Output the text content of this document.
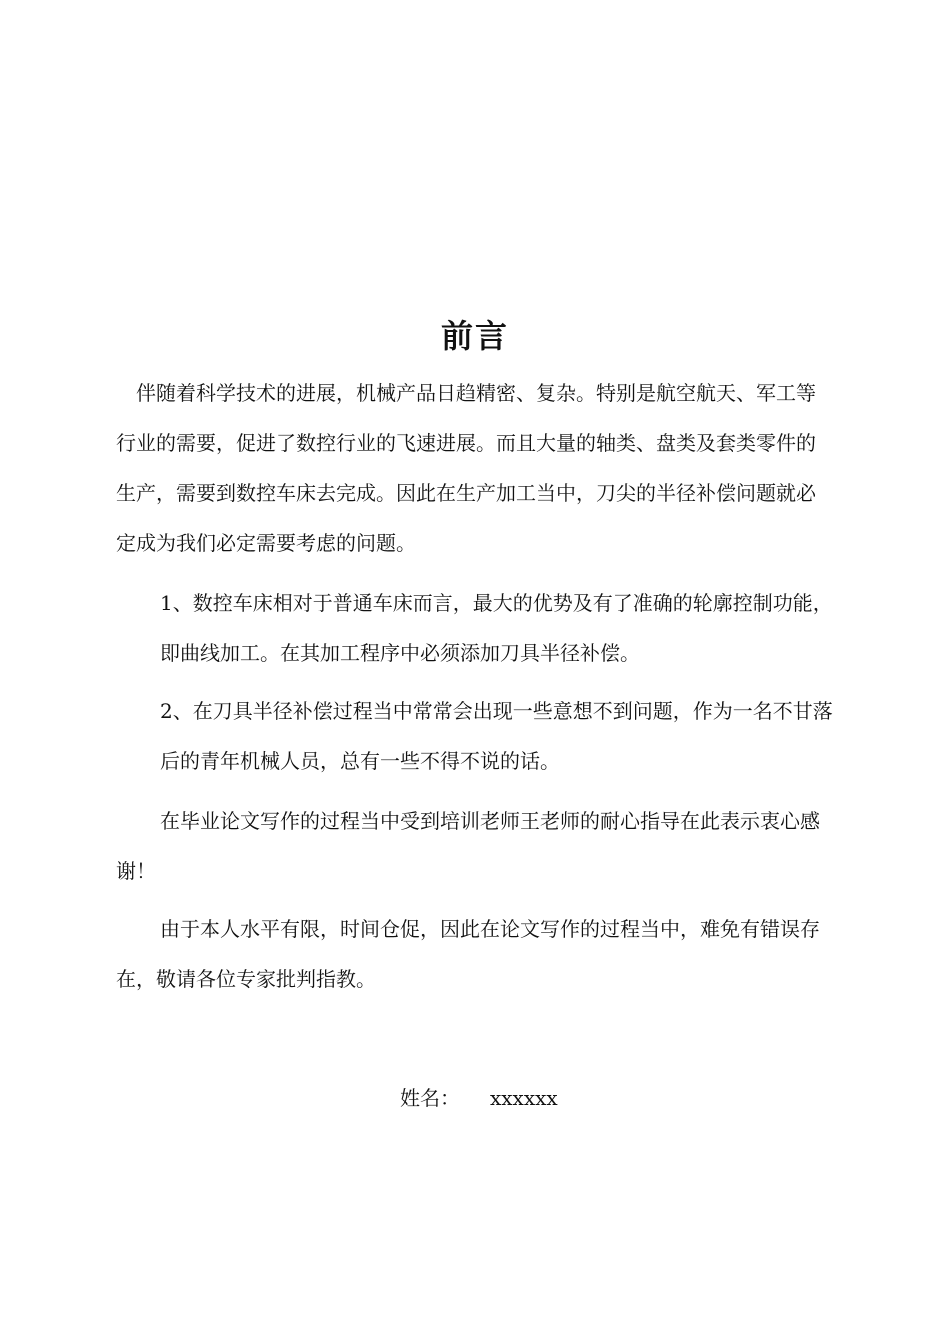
前言

伴随着科学技术的进展，机械产品日趋精密、复杂。特别是航空航天、军工等行业的需要，促进了数控行业的飞速进展。而且大量的轴类、盘类及套类零件的生产，需要到数控车床去完成。因此在生产加工当中，刀尖的半径补偿问题就必定成为我们必定需要考虑的问题。

1、数控车床相对于普通车床而言，最大的优势及有了准确的轮廓控制功能，即曲线加工。在其加工程序中必须添加刀具半径补偿。

2、在刀具半径补偿过程当中常常会出现一些意想不到问题，作为一名不甘落后的青年机械人员，总有一些不得不说的话。

在毕业论文写作的过程当中受到培训老师王老师的耐心指导在此表示衷心感谢！

由于本人水平有限，时间仓促，因此在论文写作的过程当中，难免有错误存在，敬请各位专家批判指教。

姓名： xxxxxx
